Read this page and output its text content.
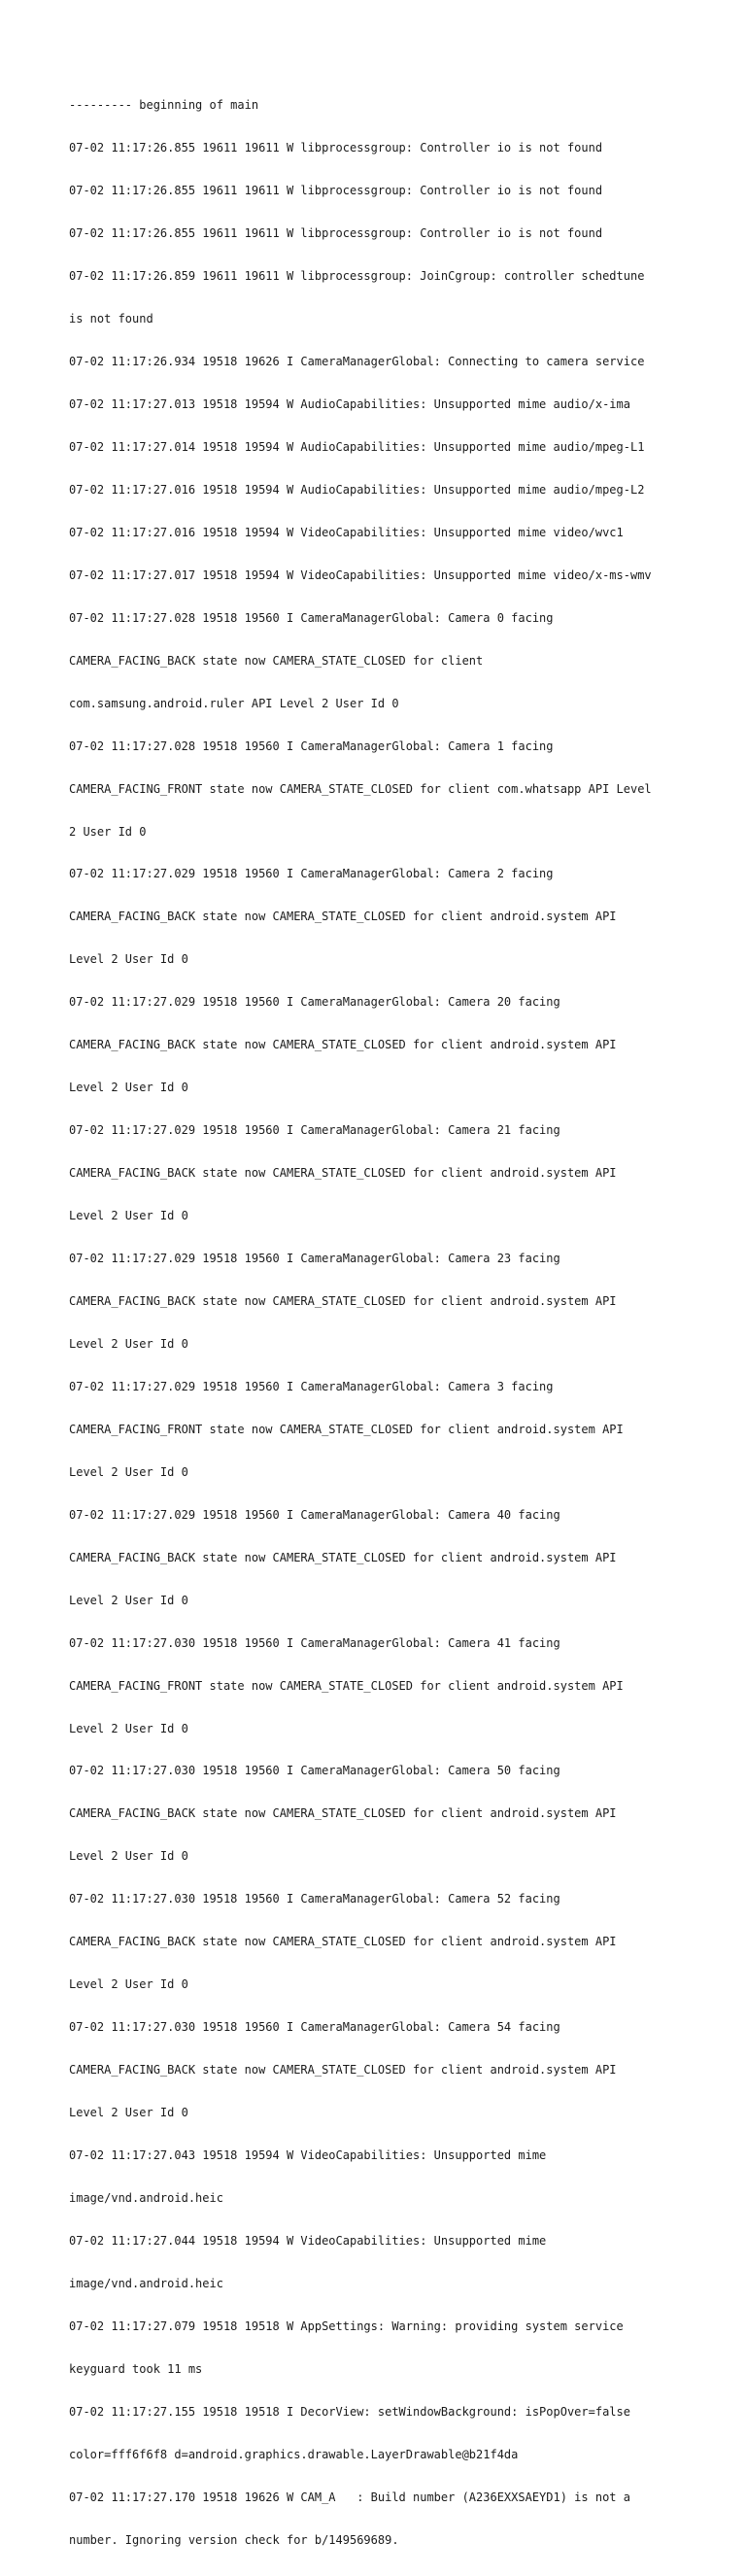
--------- beginning of main

07-02 11:17:26.855 19611 19611 W libprocessgroup: Controller io is not found

07-02 11:17:26.855 19611 19611 W libprocessgroup: Controller io is not found

07-02 11:17:26.855 19611 19611 W libprocessgroup: Controller io is not found

07-02 11:17:26.859 19611 19611 W libprocessgroup: JoinCgroup: controller schedtune

is not found

07-02 11:17:26.934 19518 19626 I CameraManagerGlobal: Connecting to camera service

07-02 11:17:27.013 19518 19594 W AudioCapabilities: Unsupported mime audio/x-ima

07-02 11:17:27.014 19518 19594 W AudioCapabilities: Unsupported mime audio/mpeg-L1

07-02 11:17:27.016 19518 19594 W AudioCapabilities: Unsupported mime audio/mpeg-L2

07-02 11:17:27.016 19518 19594 W VideoCapabilities: Unsupported mime video/wvc1

07-02 11:17:27.017 19518 19594 W VideoCapabilities: Unsupported mime video/x-ms-wmv

07-02 11:17:27.028 19518 19560 I CameraManagerGlobal: Camera 0 facing

CAMERA_FACING_BACK state now CAMERA_STATE_CLOSED for client

com.samsung.android.ruler API Level 2 User Id 0

07-02 11:17:27.028 19518 19560 I CameraManagerGlobal: Camera 1 facing

CAMERA_FACING_FRONT state now CAMERA_STATE_CLOSED for client com.whatsapp API Level

2 User Id 0

07-02 11:17:27.029 19518 19560 I CameraManagerGlobal: Camera 2 facing

CAMERA_FACING_BACK state now CAMERA_STATE_CLOSED for client android.system API

Level 2 User Id 0

07-02 11:17:27.029 19518 19560 I CameraManagerGlobal: Camera 20 facing

CAMERA_FACING_BACK state now CAMERA_STATE_CLOSED for client android.system API

Level 2 User Id 0

07-02 11:17:27.029 19518 19560 I CameraManagerGlobal: Camera 21 facing

CAMERA_FACING_BACK state now CAMERA_STATE_CLOSED for client android.system API

Level 2 User Id 0

07-02 11:17:27.029 19518 19560 I CameraManagerGlobal: Camera 23 facing

CAMERA_FACING_BACK state now CAMERA_STATE_CLOSED for client android.system API

Level 2 User Id 0

07-02 11:17:27.029 19518 19560 I CameraManagerGlobal: Camera 3 facing

CAMERA_FACING_FRONT state now CAMERA_STATE_CLOSED for client android.system API

Level 2 User Id 0

07-02 11:17:27.029 19518 19560 I CameraManagerGlobal: Camera 40 facing

CAMERA_FACING_BACK state now CAMERA_STATE_CLOSED for client android.system API

Level 2 User Id 0

07-02 11:17:27.030 19518 19560 I CameraManagerGlobal: Camera 41 facing

CAMERA_FACING_FRONT state now CAMERA_STATE_CLOSED for client android.system API

Level 2 User Id 0

07-02 11:17:27.030 19518 19560 I CameraManagerGlobal: Camera 50 facing

CAMERA_FACING_BACK state now CAMERA_STATE_CLOSED for client android.system API

Level 2 User Id 0

07-02 11:17:27.030 19518 19560 I CameraManagerGlobal: Camera 52 facing

CAMERA_FACING_BACK state now CAMERA_STATE_CLOSED for client android.system API

Level 2 User Id 0

07-02 11:17:27.030 19518 19560 I CameraManagerGlobal: Camera 54 facing

CAMERA_FACING_BACK state now CAMERA_STATE_CLOSED for client android.system API

Level 2 User Id 0

07-02 11:17:27.043 19518 19594 W VideoCapabilities: Unsupported mime

image/vnd.android.heic

07-02 11:17:27.044 19518 19594 W VideoCapabilities: Unsupported mime

image/vnd.android.heic

07-02 11:17:27.079 19518 19518 W AppSettings: Warning: providing system service

keyguard took 11 ms

07-02 11:17:27.155 19518 19518 I DecorView: setWindowBackground: isPopOver=false

color=fff6f6f8 d=android.graphics.drawable.LayerDrawable@b21f4da

07-02 11:17:27.170 19518 19626 W CAM_A   : Build number (A236EXXSAEYD1) is not a

number. Ignoring version check for b/149569689.
